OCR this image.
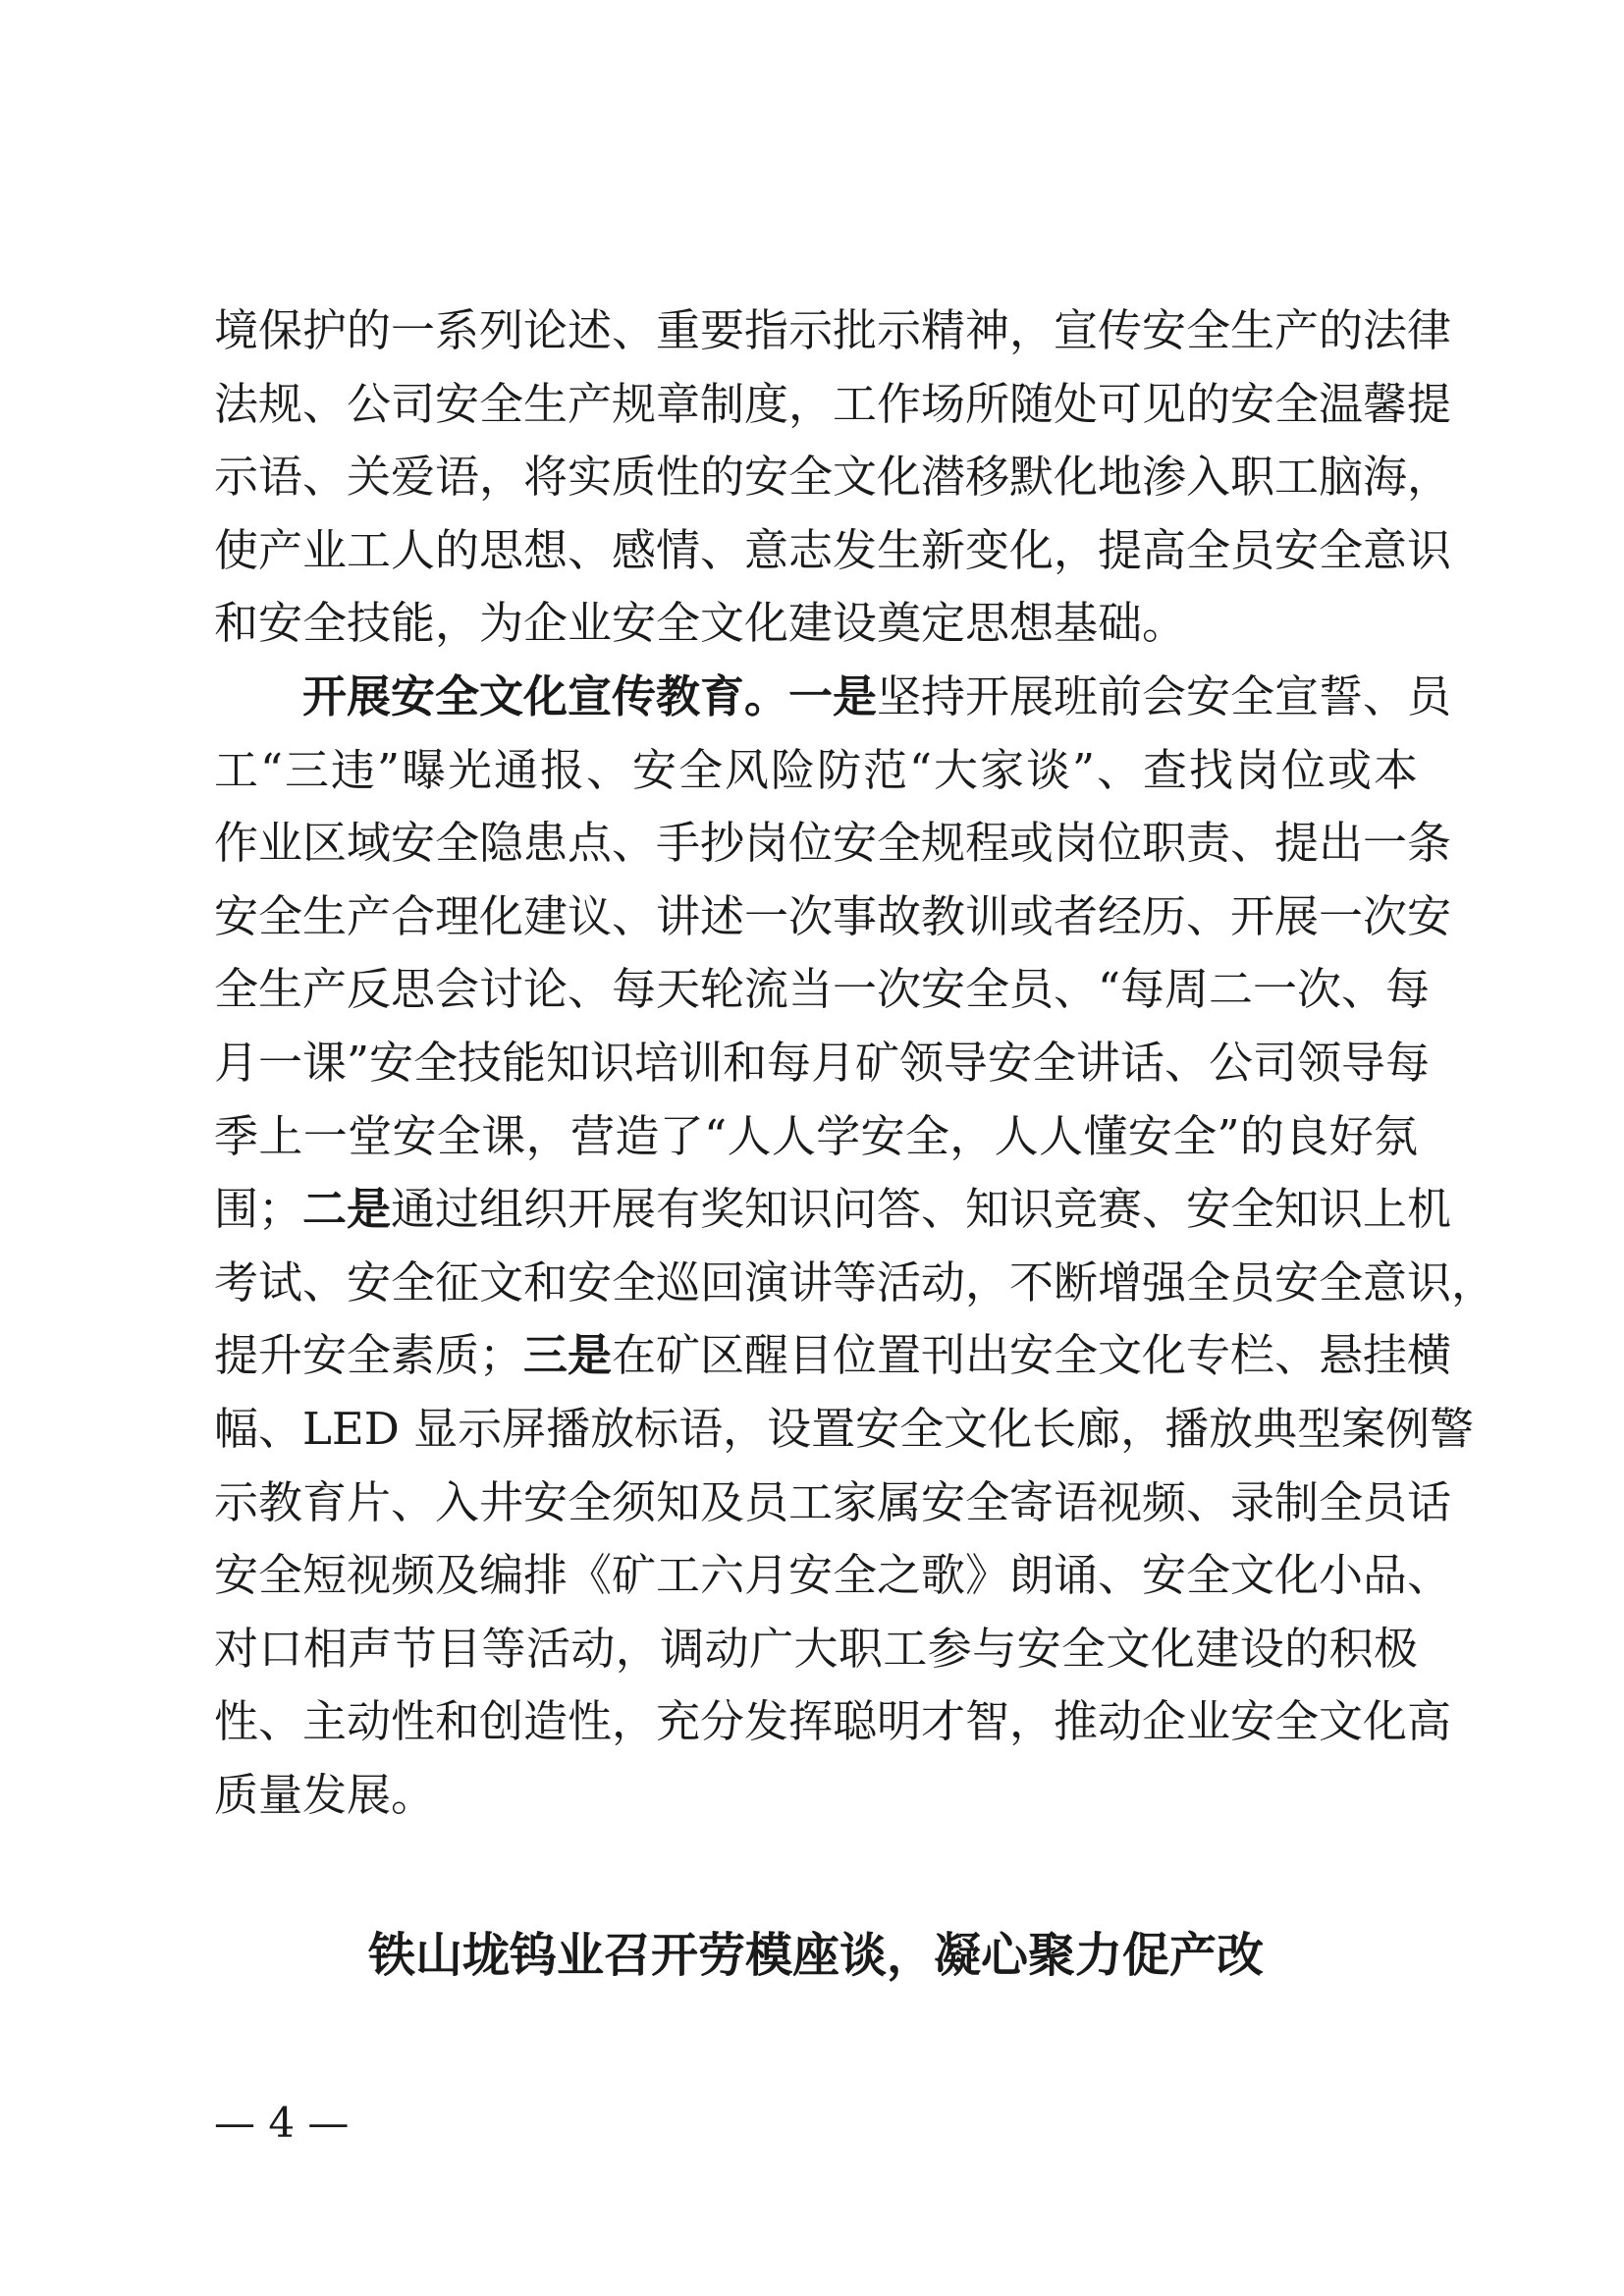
境保护的一系列论述、重要指示批示精神，宣传安全生产的法律
法规、公司安全生产规章制度，工作场所随处可见的安全温馨提
示语、关爱语，将实质性的安全文化潜移默化地渗入职工脑海，
使产业工人的思想、感情、意志发生新变化，提高全员安全意识
和安全技能，为企业安全文化建设奠定思想基础。
开展安全文化宣传教育。一是坚持开展班前会安全宣誓、员
工“三违”曝光通报、安全风险防范“大家谈”、查找岗位或本
作业区域安全隐患点、手抄岗位安全规程或岗位职责、提出一条
安全生产合理化建议、讲述一次事故教训或者经历、开展一次安
全生产反思会讨论、每天轮流当一次安全员、“每周二一次、每
月一课”安全技能知识培训和每月矿领导安全讲话、公司领导每
季上一堂安全课，营造了“人人学安全，人人懂安全”的良好氛
围；二是通过组织开展有奖知识问答、知识竞赛、安全知识上机
考试、安全征文和安全巡回演讲等活动，不断增强全员安全意识，
提升安全素质；三是在矿区醒目位置刊出安全文化专栏、悬挂横
幅、LED 显示屏播放标语，设置安全文化长廊，播放典型案例警
示教育片、入井安全须知及员工家属安全寄语视频、录制全员话
安全短视频及编排《矿工六月安全之歌》朗诵、安全文化小品、
对口相声节目等活动，调动广大职工参与安全文化建设的积极
性、主动性和创造性，充分发挥聪明才智，推动企业安全文化高
质量发展。
铁山垅钨业召开劳模座谈，凝心聚力促产改
— 4 —
